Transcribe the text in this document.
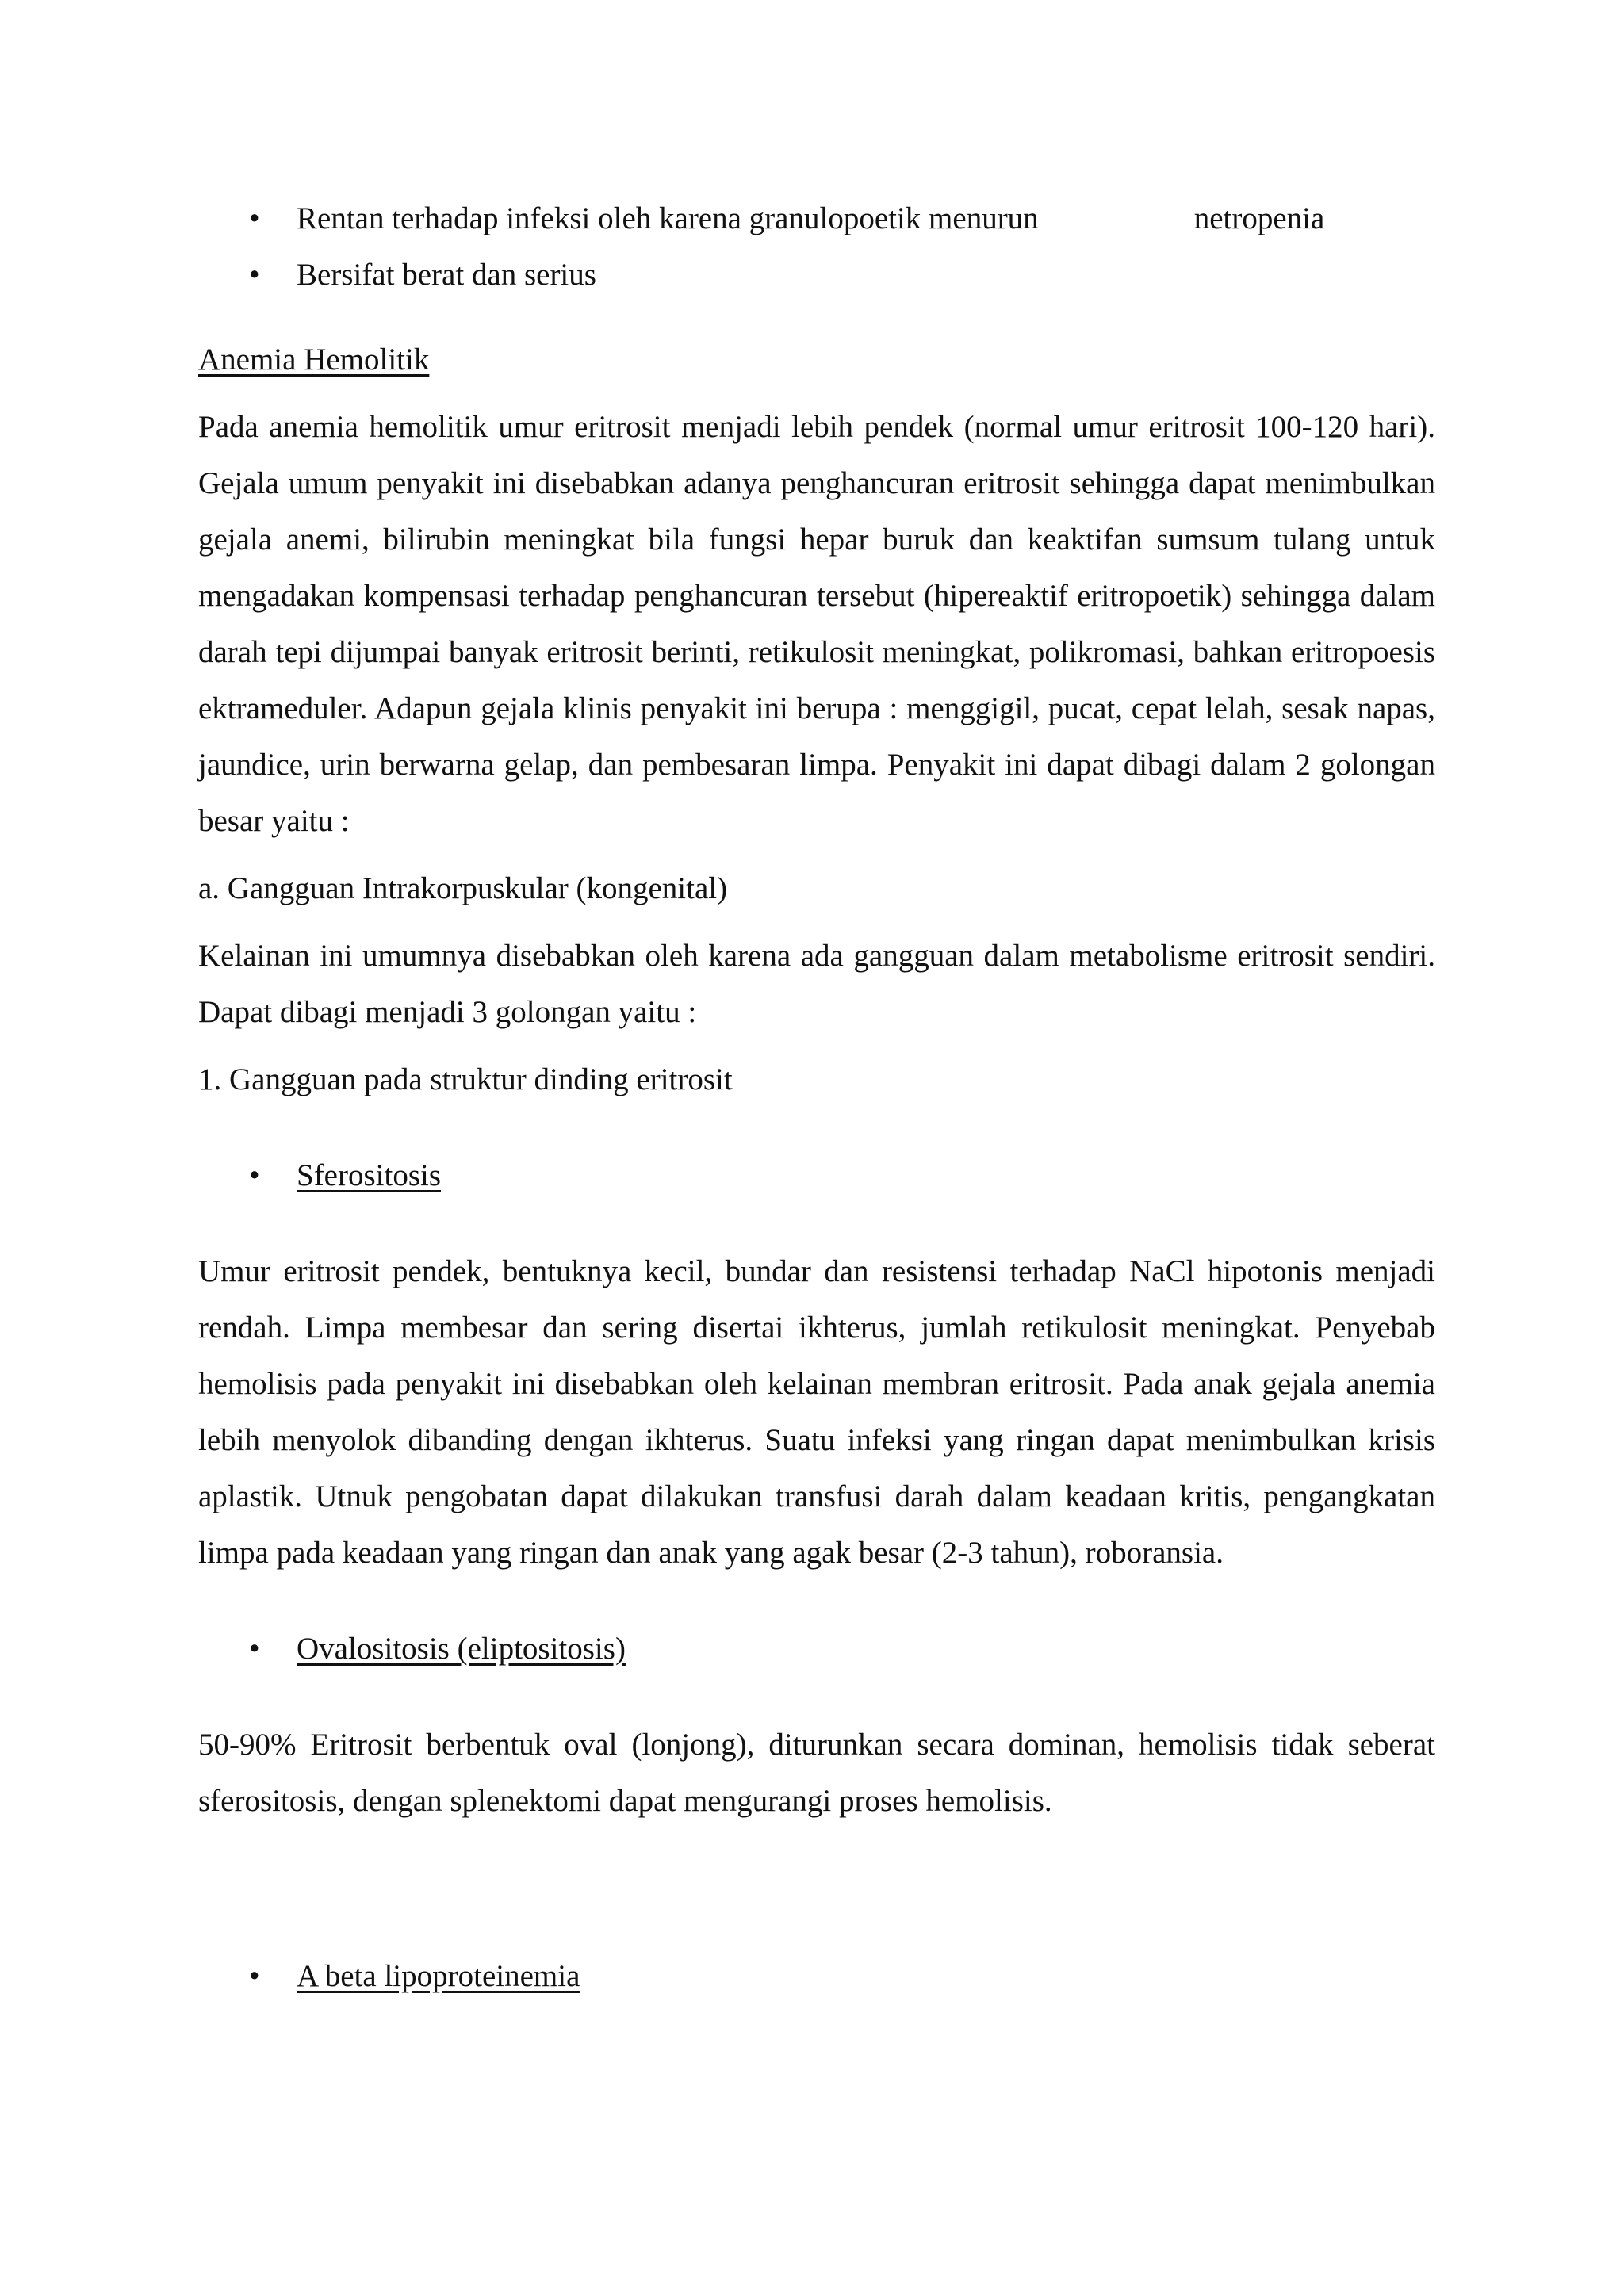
• Rentan terhadap infeksi oleh karena granulopoetik menurun	netropenia
• Bersifat berat dan serius

Anemia Hemolitik

Pada anemia hemolitik umur eritrosit menjadi lebih pendek (normal umur eritrosit 100-120 hari). Gejala umum penyakit ini disebabkan adanya penghancuran eritrosit sehingga dapat menimbulkan gejala anemi, bilirubin meningkat bila fungsi hepar buruk dan keaktifan sumsum tulang untuk mengadakan kompensasi terhadap penghancuran tersebut (hipereaktif eritropoetik) sehingga dalam darah tepi dijumpai banyak eritrosit berinti, retikulosit meningkat, polikromasi, bahkan eritropoesis ektrameduler. Adapun gejala klinis penyakit ini berupa : menggigil, pucat, cepat lelah, sesak napas, jaundice, urin berwarna gelap, dan pembesaran limpa. Penyakit ini dapat dibagi dalam 2 golongan besar yaitu :

a. Gangguan Intrakorpuskular (kongenital)

Kelainan ini umumnya disebabkan oleh karena ada gangguan dalam metabolisme eritrosit sendiri. Dapat dibagi menjadi 3 golongan yaitu :

1. Gangguan pada struktur dinding eritrosit

• Sferositosis

Umur eritrosit pendek, bentuknya kecil, bundar dan resistensi terhadap NaCl hipotonis menjadi rendah. Limpa membesar dan sering disertai ikhterus, jumlah retikulosit meningkat. Penyebab hemolisis pada penyakit ini disebabkan oleh kelainan membran eritrosit. Pada anak gejala anemia lebih menyolok dibanding dengan ikhterus. Suatu infeksi yang ringan dapat menimbulkan krisis aplastik. Utnuk pengobatan dapat dilakukan transfusi darah dalam keadaan kritis, pengangkatan limpa pada keadaan yang ringan dan anak yang agak besar (2-3 tahun), roboransia.

• Ovalositosis (eliptositosis)

50-90% Eritrosit berbentuk oval (lonjong), diturunkan secara dominan, hemolisis tidak seberat sferositosis, dengan splenektomi dapat mengurangi proses hemolisis.

• A beta lipoproteinemia
